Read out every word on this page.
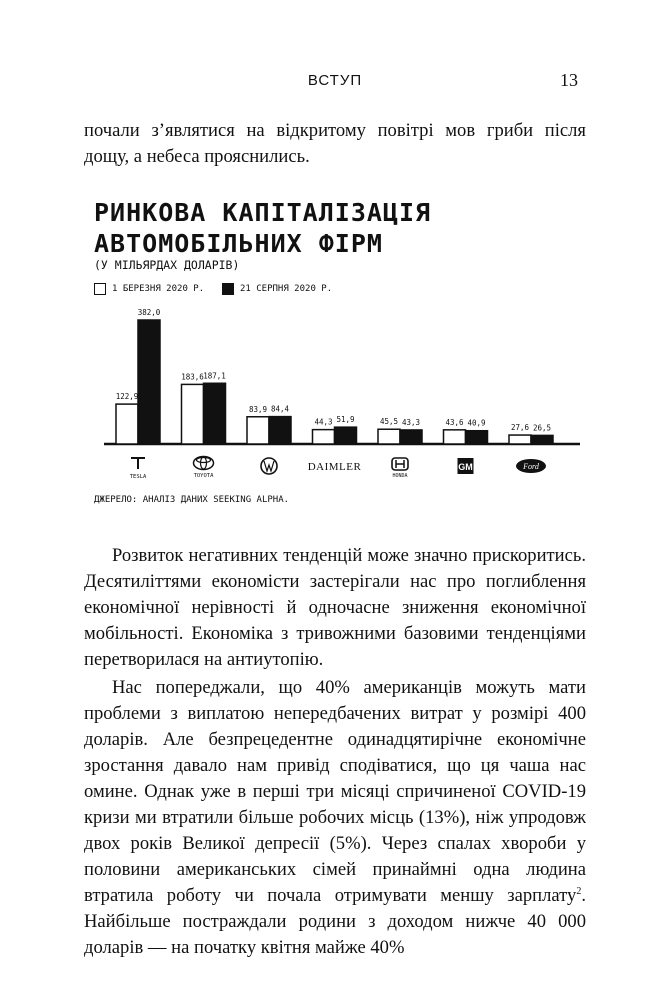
ВСТУП	13
почали з’являтися на відкритому повітрі мов гриби після дощу, а небеса прояснились.
РИНКОВА КАПІТАЛІЗАЦІЯ
АВТОМОБІЛЬНИХ ФІРМ
(У МІЛЬЯРДАХ ДОЛАРІВ)
1 БЕРЕЗНЯ 2020 Р.	21 СЕРПНЯ 2020 Р.
122,9
382,0
183,6 187,1
83,9 84,4
44,3 51,9	45,5 43,3	43,6 40,9	27,6 26,5
ТЕSLA	TOYOTA
DAIMLER
HONDA
GM	Ford
ДЖЕРЕЛО: АНАЛІЗ ДАНИХ SEEKING ALPHA.
Розвиток негативних тенденцій може значно прискоритись. Десятиліттями економісти застерігали нас про поглиблення економічної нерівності й одночасне зниження економічної мобільності. Економіка з тривожними базовими тенденціями перетворилася на антиутопію.
Нас попереджали, що 40% американців можуть мати проблеми з виплатою непередбачених витрат у розмірі 400 доларів. Але безпрецедентне одинадцятирічне економічне зростання давало нам привід сподіватися, що ця чаша нас омине. Однак уже в перші три місяці спричиненої COVID-19 кризи ми втратили більше робочих місць (13%), ніж упродовж двох років Великої депресії (5%). Через спалах хвороби у половини американських сімей принаймні одна людина втратила роботу чи почала отримувати меншу зарплату$^2$. Найбільше постраждали родини з доходом нижче 40 000 доларів — на початку квітня майже 40%
